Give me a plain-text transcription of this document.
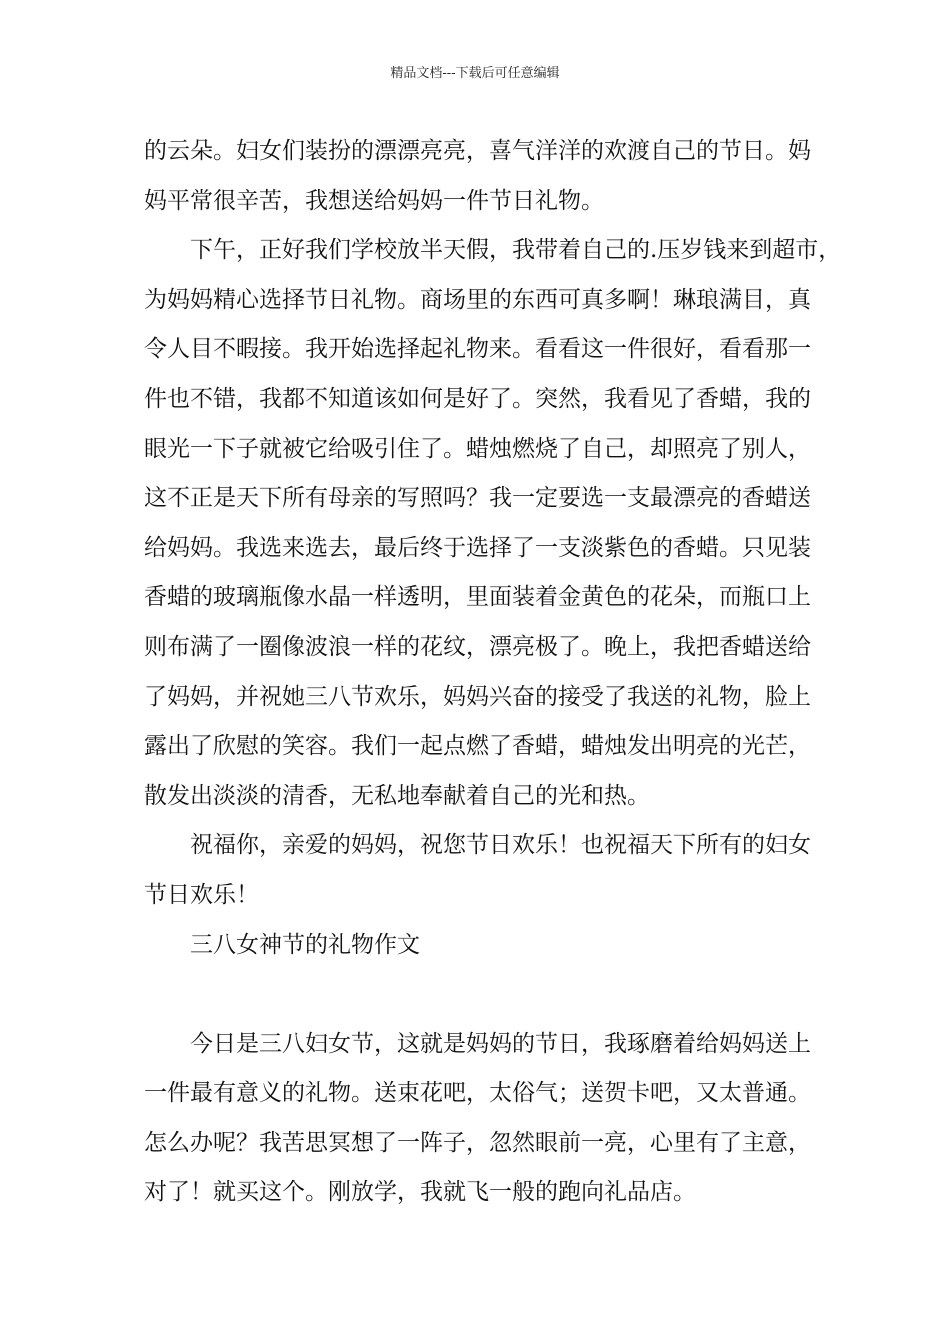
精品文档---下载后可任意编辑
的云朵。妇女们装扮的漂漂亮亮，喜气洋洋的欢渡自己的节日。妈
妈平常很辛苦，我想送给妈妈一件节日礼物。
下午，正好我们学校放半天假，我带着自己的.压岁钱来到超市，
为妈妈精心选择节日礼物。商场里的东西可真多啊！琳琅满目，真
令人目不暇接。我开始选择起礼物来。看看这一件很好，看看那一
件也不错，我都不知道该如何是好了。突然，我看见了香蜡，我的
眼光一下子就被它给吸引住了。蜡烛燃烧了自己，却照亮了别人，
这不正是天下所有母亲的写照吗？我一定要选一支最漂亮的香蜡送
给妈妈。我选来选去，最后终于选择了一支淡紫色的香蜡。只见装
香蜡的玻璃瓶像水晶一样透明，里面装着金黄色的花朵，而瓶口上
则布满了一圈像波浪一样的花纹，漂亮极了。晚上，我把香蜡送给
了妈妈，并祝她三八节欢乐，妈妈兴奋的接受了我送的礼物，脸上
露出了欣慰的笑容。我们一起点燃了香蜡，蜡烛发出明亮的光芒，
散发出淡淡的清香，无私地奉献着自己的光和热。
祝福你，亲爱的妈妈，祝您节日欢乐！也祝福天下所有的妇女
节日欢乐！
三八女神节的礼物作文
今日是三八妇女节，这就是妈妈的节日，我琢磨着给妈妈送上
一件最有意义的礼物。送束花吧，太俗气；送贺卡吧，又太普通。
怎么办呢？我苦思冥想了一阵子，忽然眼前一亮，心里有了主意，
对了！就买这个。刚放学，我就飞一般的跑向礼品店。
